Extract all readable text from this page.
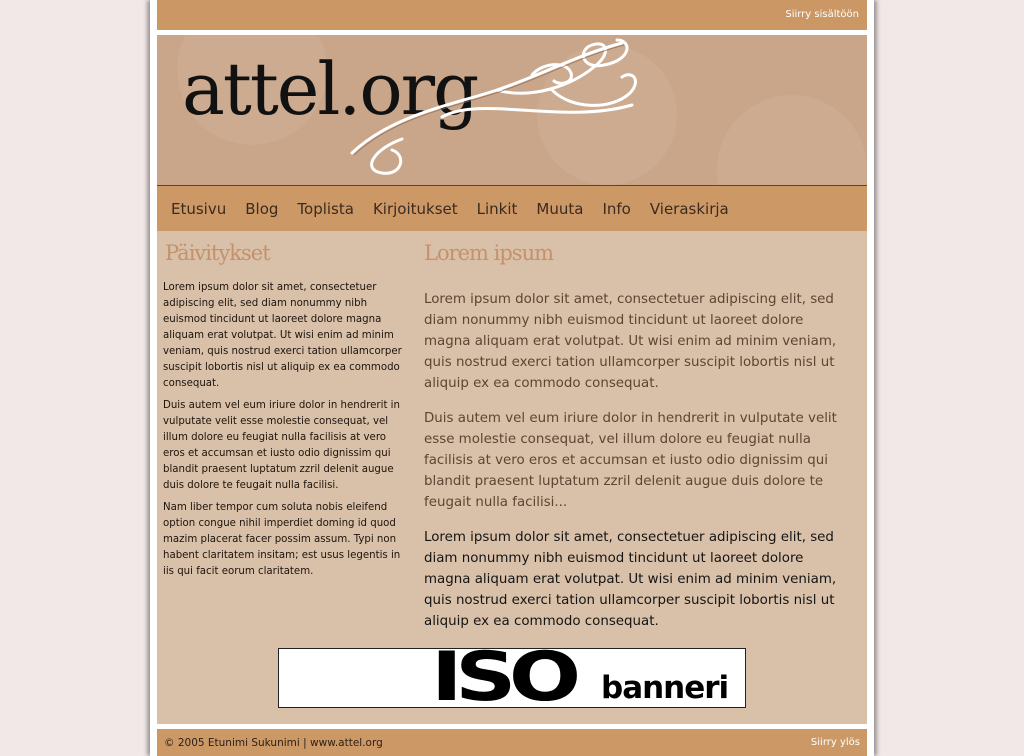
Siirry sisältöön
attel.org
Etusivu Blog Toplista Kirjoitukset Linkit Muuta Info Vieraskirja
Päivitykset

Lorem ipsum dolor sit amet, consectetuer adipiscing elit, sed diam nonummy nibh euismod tincidunt ut laoreet dolore magna aliquam erat volutpat. Ut wisi enim ad minim veniam, quis nostrud exerci tation ullamcorper suscipit lobortis nisl ut aliquip ex ea commodo consequat.

Duis autem vel eum iriure dolor in hendrerit in vulputate velit esse molestie consequat, vel illum dolore eu feugiat nulla facilisis at vero eros et accumsan et iusto odio dignissim qui blandit praesent luptatum zzril delenit augue duis dolore te feugait nulla facilisi.

Nam liber tempor cum soluta nobis eleifend option congue nihil imperdiet doming id quod mazim placerat facer possim assum. Typi non habent claritatem insitam; est usus legentis in iis qui facit eorum claritatem.

Lorem ipsum

Lorem ipsum dolor sit amet, consectetuer adipiscing elit, sed diam nonummy nibh euismod tincidunt ut laoreet dolore magna aliquam erat volutpat. Ut wisi enim ad minim veniam, quis nostrud exerci tation ullamcorper suscipit lobortis nisl ut aliquip ex ea commodo consequat.

Duis autem vel eum iriure dolor in hendrerit in vulputate velit esse molestie consequat, vel illum dolore eu feugiat nulla facilisis at vero eros et accumsan et iusto odio dignissim qui blandit praesent luptatum zzril delenit augue duis dolore te feugait nulla facilisi...

Lorem ipsum dolor sit amet, consectetuer adipiscing elit, sed diam nonummy nibh euismod tincidunt ut laoreet dolore magna aliquam erat volutpat. Ut wisi enim ad minim veniam, quis nostrud exerci tation ullamcorper suscipit lobortis nisl ut aliquip ex ea commodo consequat.

ISO banneri
© 2005 Etunimi Sukunimi | www.attel.org	Siirry ylös
